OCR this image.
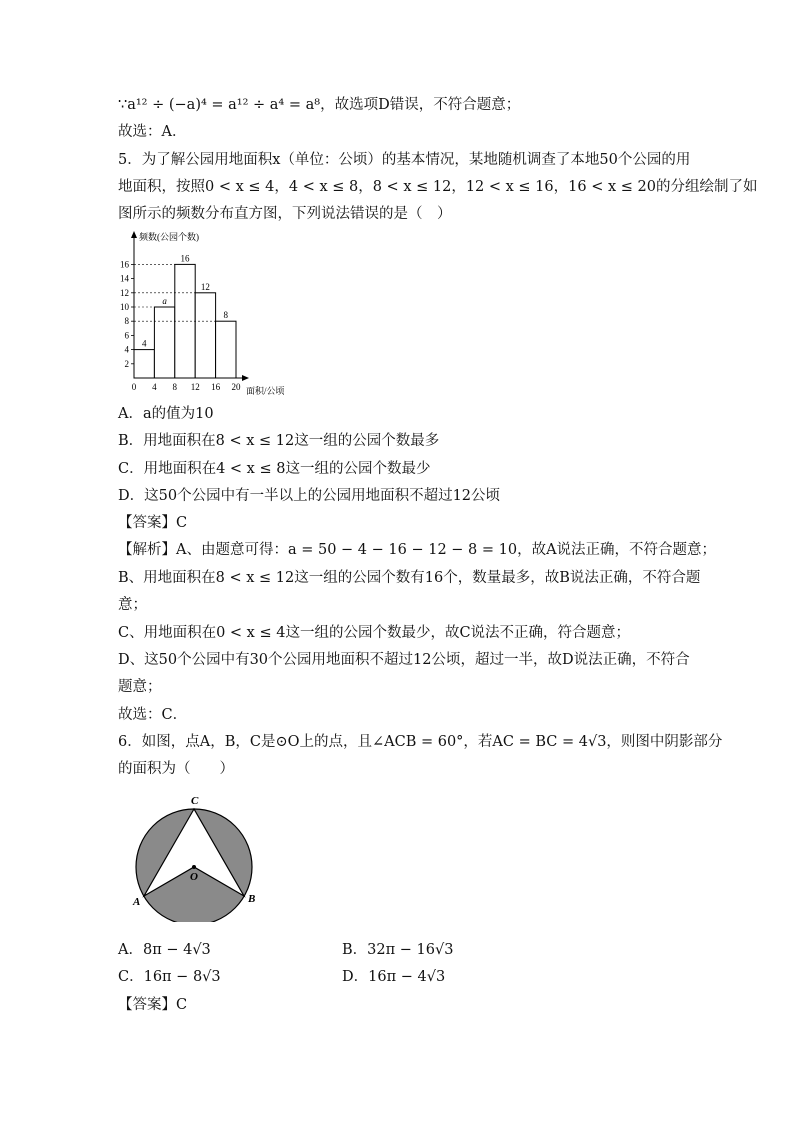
∵a¹² ÷ (−a)⁴ = a¹² ÷ a⁴ = a⁸，故选项D错误，不符合题意；
故选：A．
5．为了解公园用地面积x（单位：公顷）的基本情况，某地随机调查了本地50个公园的用
地面积，按照0 < x ≤ 4，4 < x ≤ 8，8 < x ≤ 12，12 < x ≤ 16，16 < x ≤ 20的分组绘制了如
图所示的频数分布直方图，下列说法错误的是（　）
频数(公园个数)
面积/公顷
4
a
16
12
8
2
4
6
8
10
12
14
16
0 4 8 12 16 20
A．a的值为10
B．用地面积在8 < x ≤ 12这一组的公园个数最多
C．用地面积在4 < x ≤ 8这一组的公园个数最少
D．这50个公园中有一半以上的公园用地面积不超过12公顷
【答案】C
【解析】A、由题意可得：a = 50 − 4 − 16 − 12 − 8 = 10，故A说法正确，不符合题意；
B、用地面积在8 < x ≤ 12这一组的公园个数有16个，数量最多，故B说法正确，不符合题
意；
C、用地面积在0 < x ≤ 4这一组的公园个数最少，故C说法不正确，符合题意；
D、这50个公园中有30个公园用地面积不超过12公顷，超过一半，故D说法正确，不符合
题意；
故选：C．
6．如图，点A，B，C是⊙O上的点，且∠ACB = 60°，若AC = BC = 4√3，则图中阴影部分
的面积为（　　）
C
O
A	B
A．8π − 4√3	B．32π − 16√3
C．16π − 8√3	D．16π − 4√3
【答案】C
